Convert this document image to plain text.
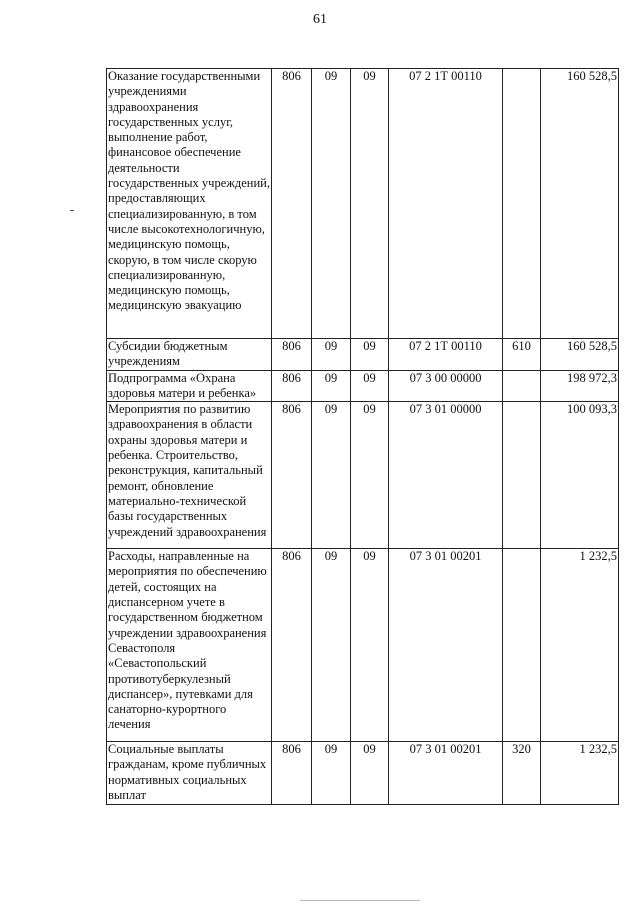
61
Оказание государственными учреждениями здравоохранения государственных услуг, выполнение работ, финансовое обеспечение деятельности государственных учреждений, предоставляющих специализированную, в том числе высокотехнологичную, медицинскую помощь, скорую, в том числе скорую специализированную, медицинскую помощь, медицинскую эвакуацию	806	09	09	07 2 1Т 00110		160 528,5
Субсидии бюджетным учреждениям	806	09	09	07 2 1Т 00110	610	160 528,5
Подпрограмма «Охрана здоровья матери и ребенка»	806	09	09	07 3 00 00000		198 972,3
Мероприятия по развитию здравоохранения в области охраны здоровья матери и ребенка. Строительство, реконструкция, капитальный ремонт, обновление материально-технической базы государственных учреждений здравоохранения	806	09	09	07 3 01 00000		100 093,3
Расходы, направленные на мероприятия по обеспечению детей, состоящих на диспансерном учете в государственном бюджетном учреждении здравоохранения Севастополя «Севастопольский противотуберкулезный диспансер», путевками для санаторно-курортного лечения	806	09	09	07 3 01 00201		1 232,5
Социальные выплаты гражданам, кроме публичных нормативных социальных выплат	806	09	09	07 3 01 00201	320	1 232,5
